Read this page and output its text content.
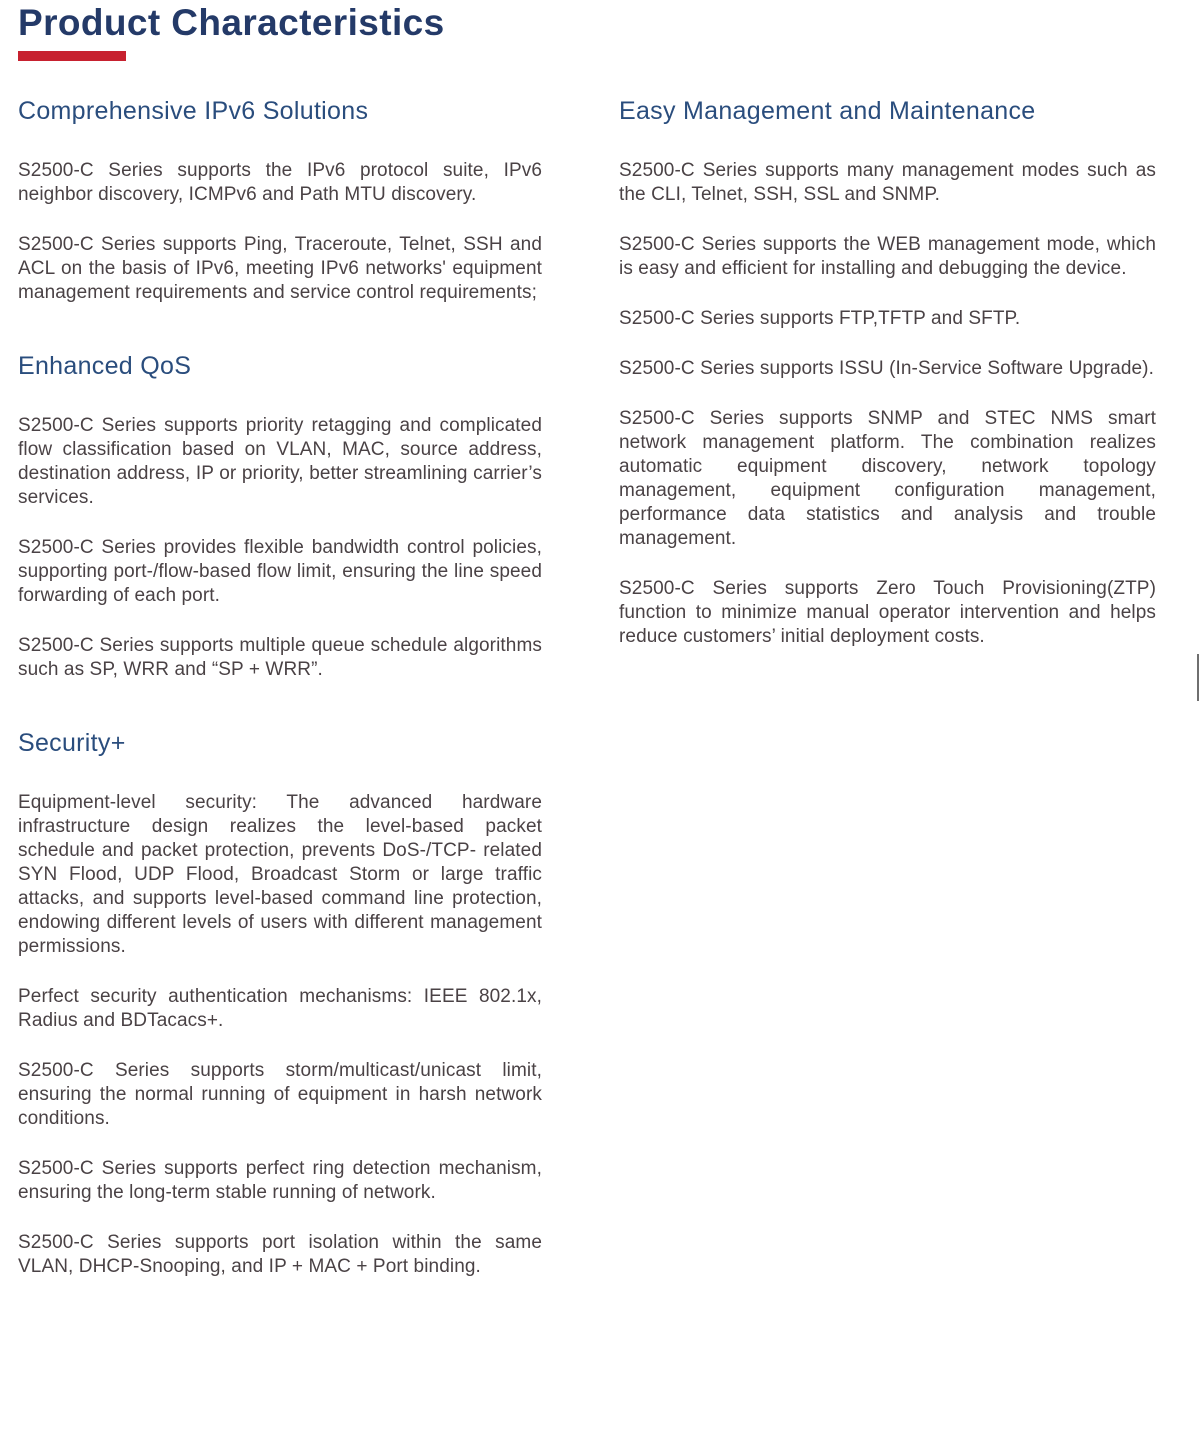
Product Characteristics
Comprehensive IPv6 Solutions

S2500-C Series supports the IPv6 protocol suite, IPv6 neighbor discovery, ICMPv6 and Path MTU discovery.

S2500-C Series supports Ping, Traceroute, Telnet, SSH and ACL on the basis of IPv6, meeting IPv6 networks' equipment management requirements and service control requirements;

Enhanced QoS

S2500-C Series supports priority retagging and complicated flow classification based on VLAN, MAC, source address, destination address, IP or priority, better streamlining carrier’s services.

S2500-C Series provides flexible bandwidth control policies, supporting port-/flow-based flow limit, ensuring the line speed forwarding of each port.

S2500-C Series supports multiple queue schedule algorithms such as SP, WRR and “SP + WRR”.

Security+

Equipment-level security: The advanced hardware infrastructure design realizes the level-based packet schedule and packet protection, prevents DoS-/TCP- related SYN Flood, UDP Flood, Broadcast Storm or large traffic attacks, and supports level-based command line protection, endowing different levels of users with different management permissions.

Perfect security authentication mechanisms: IEEE 802.1x, Radius and BDTacacs+.

S2500-C Series supports storm/multicast/unicast limit, ensuring the normal running of equipment in harsh network conditions.

S2500-C Series supports perfect ring detection mechanism, ensuring the long-term stable running of network.

S2500-C Series supports port isolation within the same VLAN, DHCP-Snooping, and IP + MAC + Port binding.

Easy Management and Maintenance

S2500-C Series supports many management modes such as the CLI, Telnet, SSH, SSL and SNMP.

S2500-C Series supports the WEB management mode, which is easy and efficient for installing and debugging the device.

S2500-C Series supports FTP,TFTP and SFTP.

S2500-C Series supports ISSU (In-Service Software Upgrade).

S2500-C Series supports SNMP and STEC NMS smart network management platform. The combination realizes automatic equipment discovery, network topology management, equipment configuration management, performance data statistics and analysis and trouble management.

S2500-C Series supports Zero Touch Provisioning(ZTP) function to minimize manual operator intervention and helps reduce customers’ initial deployment costs.
